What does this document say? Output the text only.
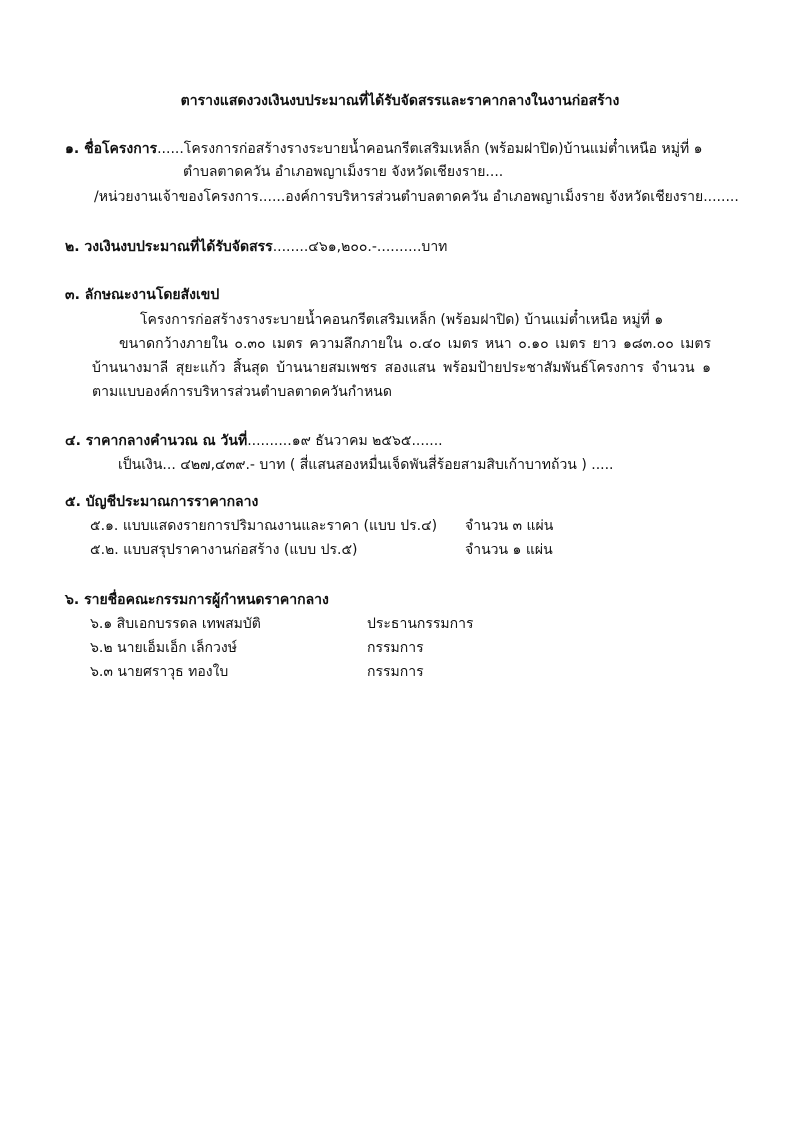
ตารางแสดงวงเงินงบประมาณที่ได้รับจัดสรรและราคากลางในงานก่อสร้าง
๑. ชื่อโครงการ......โครงการก่อสร้างรางระบายน้ำคอนกรีตเสริมเหล็ก (พร้อมฝาปิด)บ้านแม่ต๋ำเหนือ หมู่ที่ ๑
ตำบลตาดควัน อำเภอพญาเม็งราย จังหวัดเชียงราย....
/หน่วยงานเจ้าของโครงการ......องค์การบริหารส่วนตำบลตาดควัน อำเภอพญาเม็งราย จังหวัดเชียงราย........
๒. วงเงินงบประมาณที่ได้รับจัดสรร........๔๖๑,๒๐๐.-..........บาท
๓. ลักษณะงานโดยสังเขป
โครงการก่อสร้างรางระบายน้ำคอนกรีตเสริมเหล็ก (พร้อมฝาปิด) บ้านแม่ต๋ำเหนือ หมู่ที่ ๑
ขนาดกว้างภายใน ๐.๓๐ เมตร ความลึกภายใน ๐.๔๐ เมตร หนา ๐.๑๐ เมตร ยาว ๑๘๓.๐๐ เมตร
บ้านนางมาลี สุยะแก้ว สิ้นสุด บ้านนายสมเพชร สองแสน พร้อมป้ายประชาสัมพันธ์โครงการ จำนวน ๑
ตามแบบองค์การบริหารส่วนตำบลตาดควันกำหนด
๔. ราคากลางคำนวณ ณ วันที่..........๑๙ ธันวาคม ๒๕๖๕.......
เป็นเงิน... ๔๒๗,๔๓๙.- บาท ( สี่แสนสองหมื่นเจ็ดพันสี่ร้อยสามสิบเก้าบาทถ้วน ) .....
๕. บัญชีประมาณการราคากลาง
๕.๑. แบบแสดงรายการปริมาณงานและราคา (แบบ ปร.๔) จำนวน ๓ แผ่น
๕.๒. แบบสรุปราคางานก่อสร้าง (แบบ ปร.๕)	จำนวน ๑ แผ่น
๖. รายชื่อคณะกรรมการผู้กำหนดราคากลาง
๖.๑ สิบเอกบรรดล เทพสมบัติ	ประธานกรรมการ
๖.๒ นายเอ็มเอ็ก เล็กวงษ์	กรรมการ
๖.๓ นายศราวุธ ทองใบ	กรรมการ
